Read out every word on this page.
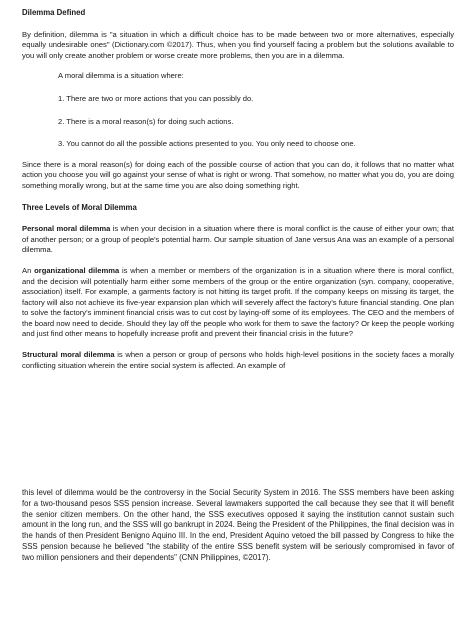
Dilemma Defined

By definition, dilemma is "a situation in which a difficult choice has to be made between two or more alternatives, especially equally undesirable ones" (Dictionary.com ©2017). Thus, when you find yourself facing a problem but the solutions available to you will only create another problem or worse create more problems, then you are in a dilemma.

A moral dilemma is a situation where:

1. There are two or more actions that you can possibly do.

2. There is a moral reason(s) for doing such actions.

3. You cannot do all the possible actions presented to you. You only need to choose one.

Since there is a moral reason(s) for doing each of the possible course of action that you can do, it follows that no matter what action you choose you will go against your sense of what is right or wrong. That somehow, no matter what you do, you are doing something morally wrong, but at the same time you are also doing something right.

Three Levels of Moral Dilemma

Personal moral dilemma is when your decision in a situation where there is moral conflict is the cause of either your own; that of another person; or a group of people's potential harm. Our sample situation of Jane versus Ana was an example of a personal dilemma.

An organizational dilemma is when a member or members of the organization is in a situation where there is moral conflict, and the decision will potentially harm either some members of the group or the entire organization (syn. company, cooperative, association) itself. For example, a garments factory is not hitting its target profit. If the company keeps on missing its target, the factory will also not achieve its five-year expansion plan which will severely affect the factory's future financial standing. One plan to solve the factory's imminent financial crisis was to cut cost by laying-off some of its employees. The CEO and the members of the board now need to decide. Should they lay off the people who work for them to save the factory? Or keep the people working and just find other means to hopefully increase profit and prevent their financial crisis in the future?

Structural moral dilemma is when a person or group of persons who holds high-level positions in the society faces a morally conflicting situation wherein the entire social system is affected. An example of

this level of dilemma would be the controversy in the Social Security System in 2016. The SSS members have been asking for a two-thousand pesos SSS pension increase. Several lawmakers supported the call because they see that it will benefit the senior citizen members. On the other hand, the SSS executives opposed it saying the institution cannot sustain such amount in the long run, and the SSS will go bankrupt in 2024. Being the President of the Philippines, the final decision was in the hands of then President Benigno Aquino III. In the end, President Aquino vetoed the bill passed by Congress to hike the SSS pension because he believed "the stability of the entire SSS benefit system will be seriously compromised in favor of two million pensioners and their dependents" (CNN Philippines, ©2017).
